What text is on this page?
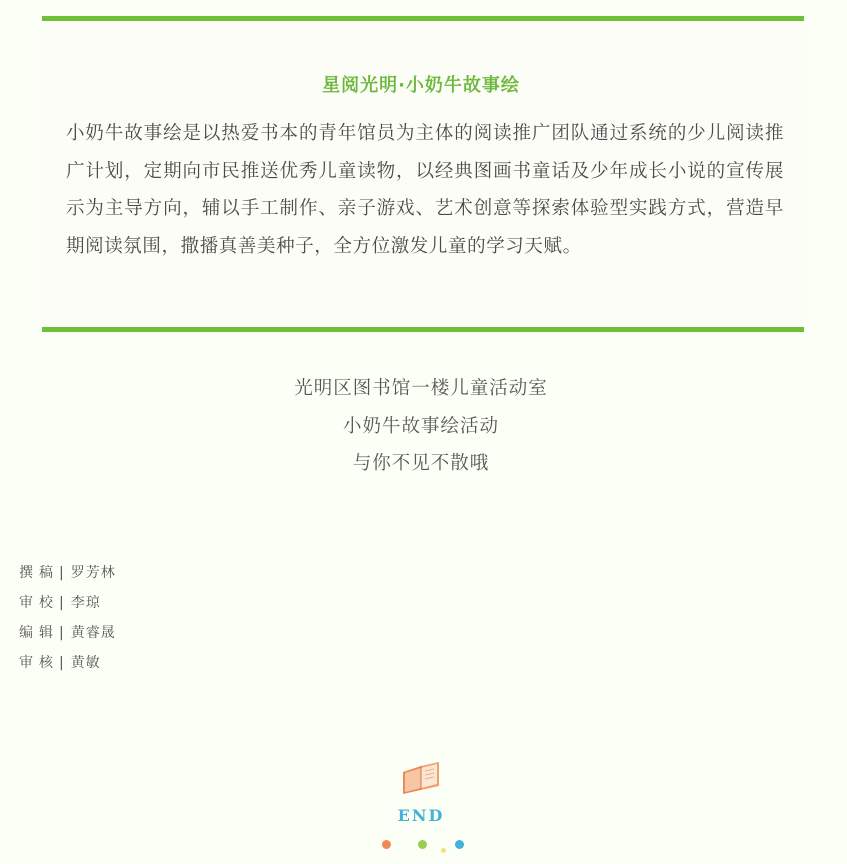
星阅光明·小奶牛故事绘
小奶牛故事绘是以热爱书本的青年馆员为主体的阅读推广团队通过系统的少儿阅读推广计划，定期向市民推送优秀儿童读物，以经典图画书童话及少年成长小说的宣传展示为主导方向，辅以手工制作、亲子游戏、艺术创意等探索体验型实践方式，营造早期阅读氛围，撒播真善美种子，全方位激发儿童的学习天赋。
光明区图书馆一楼儿童活动室
小奶牛故事绘活动
与你不见不散哦
撰稿| 罗芳林
审校| 李琼
编辑| 黄睿晟
审核| 黄敏
END
